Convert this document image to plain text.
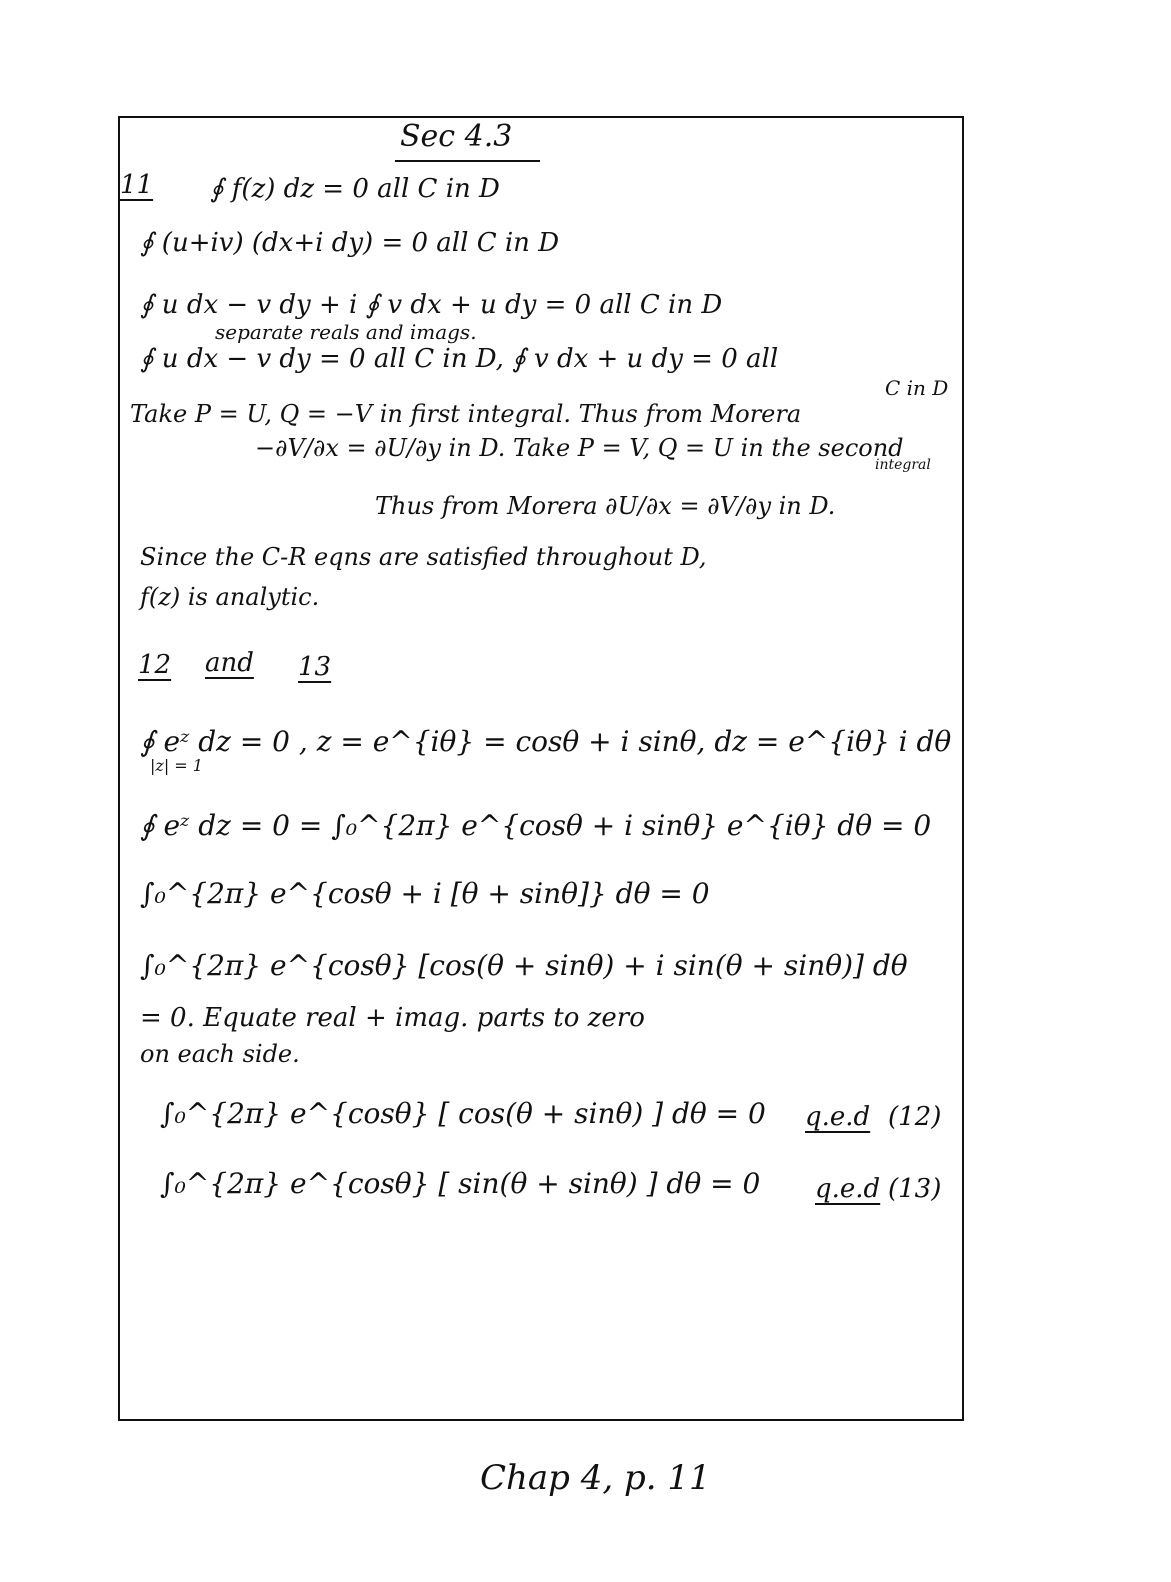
Sec 4.3
11 ∮ f(z) dz = 0 all C in D
∮ (u+iv) (dx+i dy) = 0 all C in D
∮ u dx − v dy + i ∮ v dx + u dy = 0 all C in D
separate reals and imags.
∮ u dx − v dy = 0 all C in D, ∮ v dx + u dy = 0 all
C in D
Take P = U, Q = −V in first integral. Thus from Morera
−∂V/∂x = ∂U/∂y in D. Take P = V, Q = U in the second
integral
Thus from Morera ∂U/∂x = ∂V/∂y in D.
Since the C-R eqns are satisfied throughout D,
f(z) is analytic.
12 and 13
∮ eᶻ dz = 0 , z = e^{iθ} = cosθ + i sinθ, dz = e^{iθ} i dθ
|z| = 1
∮ eᶻ dz = 0 = ∫₀^{2π} e^{cosθ + i sinθ} e^{iθ} dθ = 0
∫₀^{2π} e^{cosθ + i [θ + sinθ]} dθ = 0
∫₀^{2π} e^{cosθ} [cos(θ + sinθ) + i sin(θ + sinθ)] dθ
= 0. Equate real + imag. parts to zero
on each side.
∫₀^{2π} e^{cosθ} [ cos(θ + sinθ) ] dθ = 0 q.e.d (12)
∫₀^{2π} e^{cosθ} [ sin(θ + sinθ) ] dθ = 0 q.e.d (13)
Chap 4, p. 11
